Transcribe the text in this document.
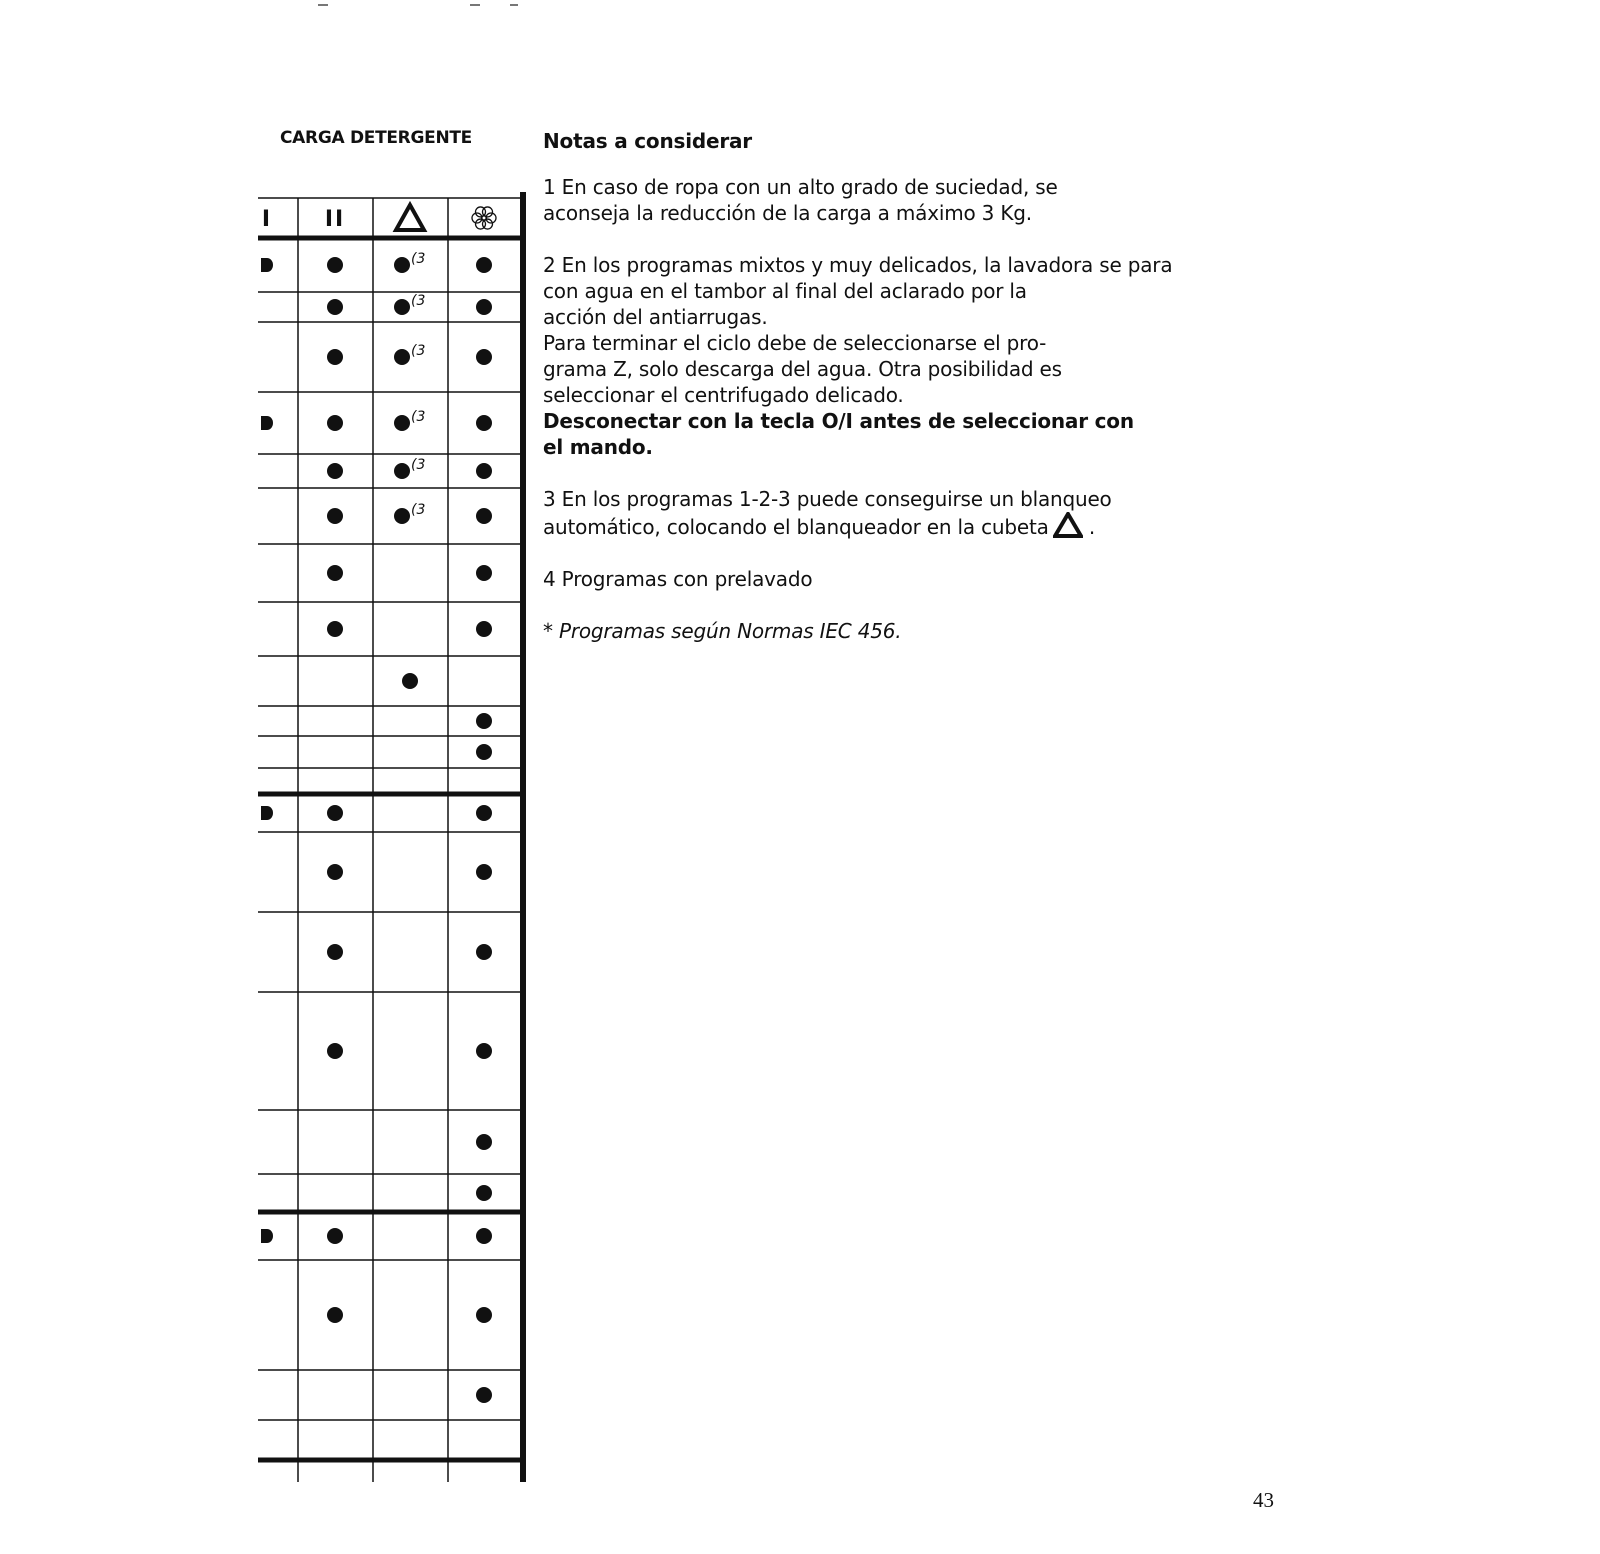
CARGA DETERGENTE
I II
(3
(3
(3
(3
(3
(3

Notas a considerar

1 En caso de ropa con un alto grado de suciedad, se

aconseja la reducción de la carga a máximo 3 Kg.

2 En los programas mixtos y muy delicados, la lavadora se para

con agua en el tambor al final del aclarado por la

acción del antiarrugas.

Para terminar el ciclo debe de seleccionarse el pro-

grama Z, solo descarga del agua. Otra posibilidad es

seleccionar el centrifugado delicado.

Desconectar con la tecla O/I antes de seleccionar con

el mando.

3 En los programas 1-2-3 puede conseguirse un blanqueo

automático, colocando el blanqueador en la cubeta .

4 Programas con prelavado

* Programas según Normas IEC 456.

43
